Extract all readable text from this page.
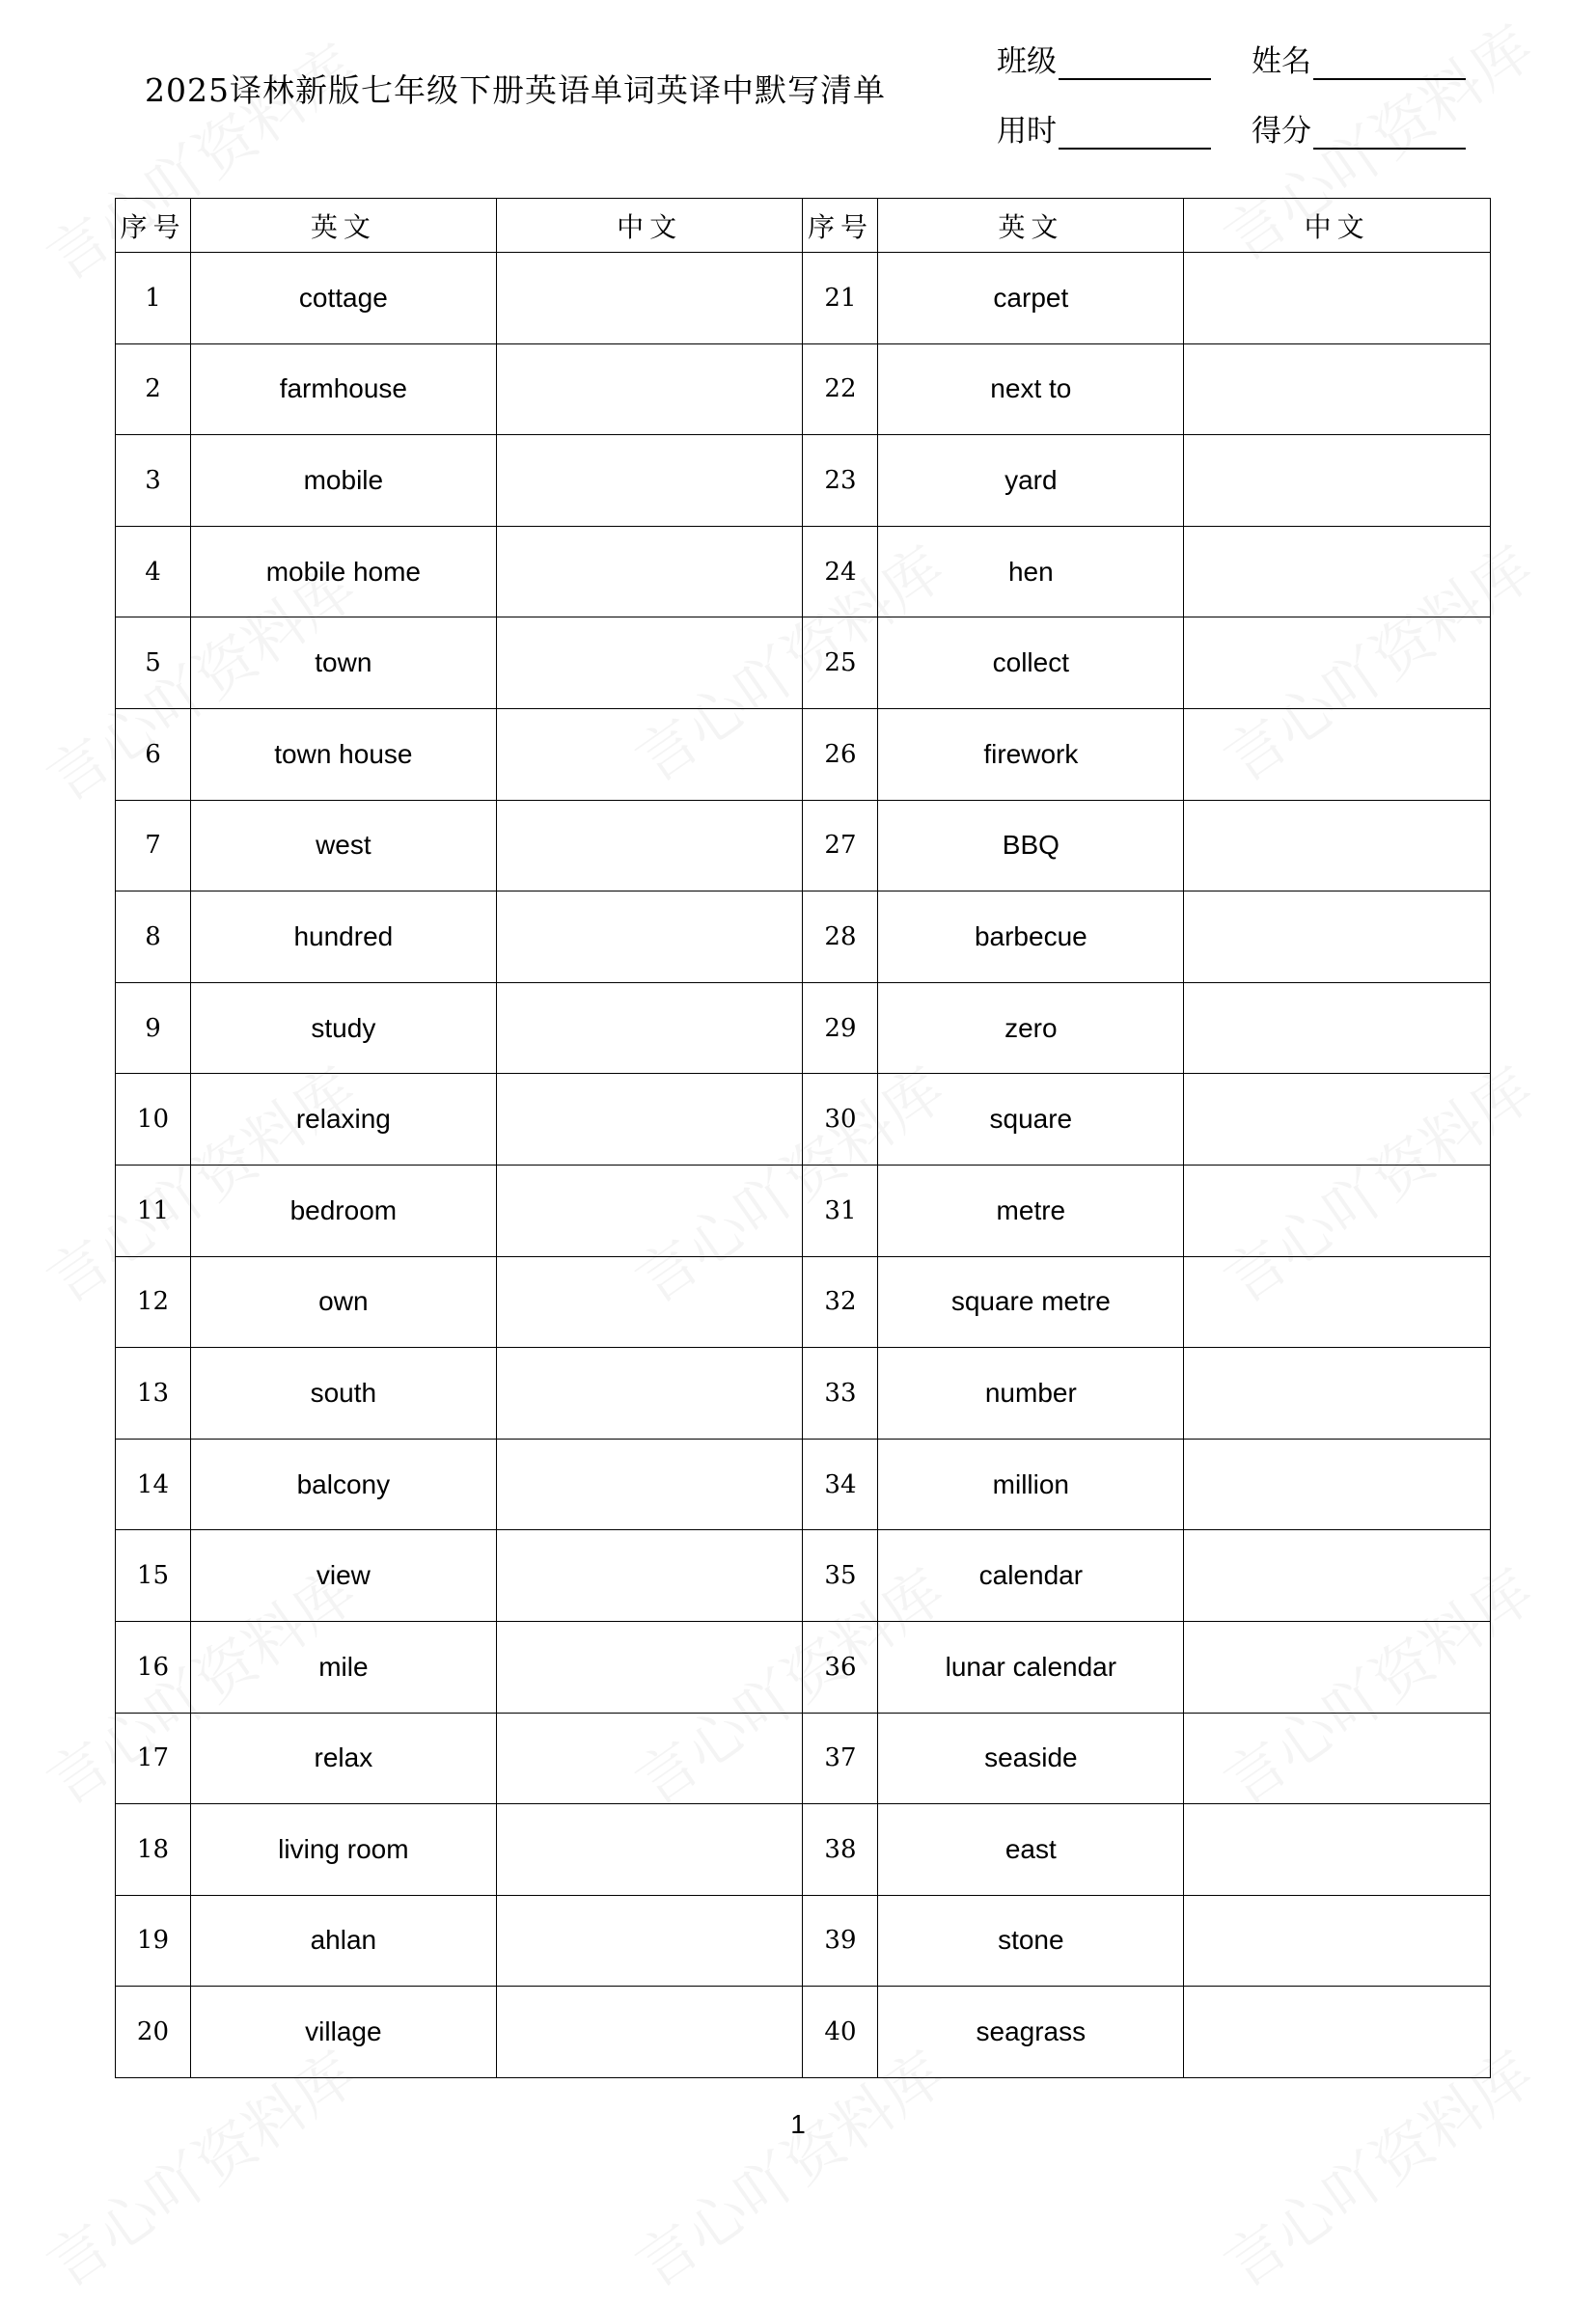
2025译林新版七年级下册英语单词英译中默写清单
班级	姓名
用时	得分
序号	英文	中文	序号	英文	中文
1	cottage		21	carpet	
2	farmhouse		22	next to	
3	mobile		23	yard	
4	mobile home		24	hen	
5	town		25	collect	
6	town house		26	firework	
7	west		27	BBQ	
8	hundred		28	barbecue	
9	study		29	zero	
10	relaxing		30	square	
11	bedroom		31	metre	
12	own		32	square metre	
13	south		33	number	
14	balcony		34	million	
15	view		35	calendar	
16	mile		36	lunar calendar	
17	relax		37	seaside	
18	living room		38	east	
19	ahlan		39	stone	
20	village		40	seagrass	
1
